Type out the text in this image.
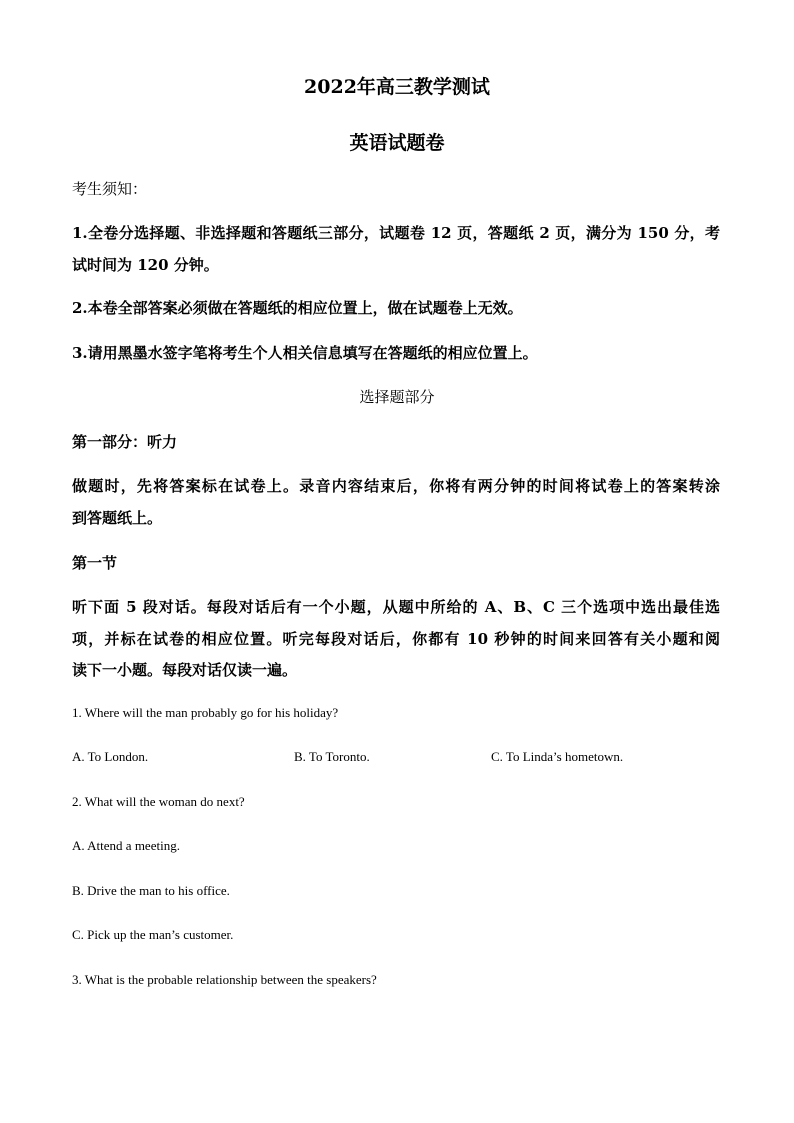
2022年高三教学测试
英语试题卷
考生须知：
1.全卷分选择题、非选择题和答题纸三部分，试题卷 12 页，答题纸 2 页，满分为 150 分，考
试时间为 120 分钟。
2.本卷全部答案必须做在答题纸的相应位置上，做在试题卷上无效。
3.请用黑墨水签字笔将考生个人相关信息填写在答题纸的相应位置上。
选择题部分
第一部分：听力
做题时，先将答案标在试卷上。录音内容结束后，你将有两分钟的时间将试卷上的答案转涂
到答题纸上。
第一节
听下面 5 段对话。每段对话后有一个小题，从题中所给的 A、B、C 三个选项中选出最佳选
项，并标在试卷的相应位置。听完每段对话后，你都有 10 秒钟的时间来回答有关小题和阅
读下一小题。每段对话仅读一遍。
1. Where will the man probably go for his holiday?
A. To London.	B. To Toronto.	C. To Linda’s hometown.
2. What will the woman do next?
A. Attend a meeting.
B. Drive the man to his office.
C. Pick up the man’s customer.
3. What is the probable relationship between the speakers?
